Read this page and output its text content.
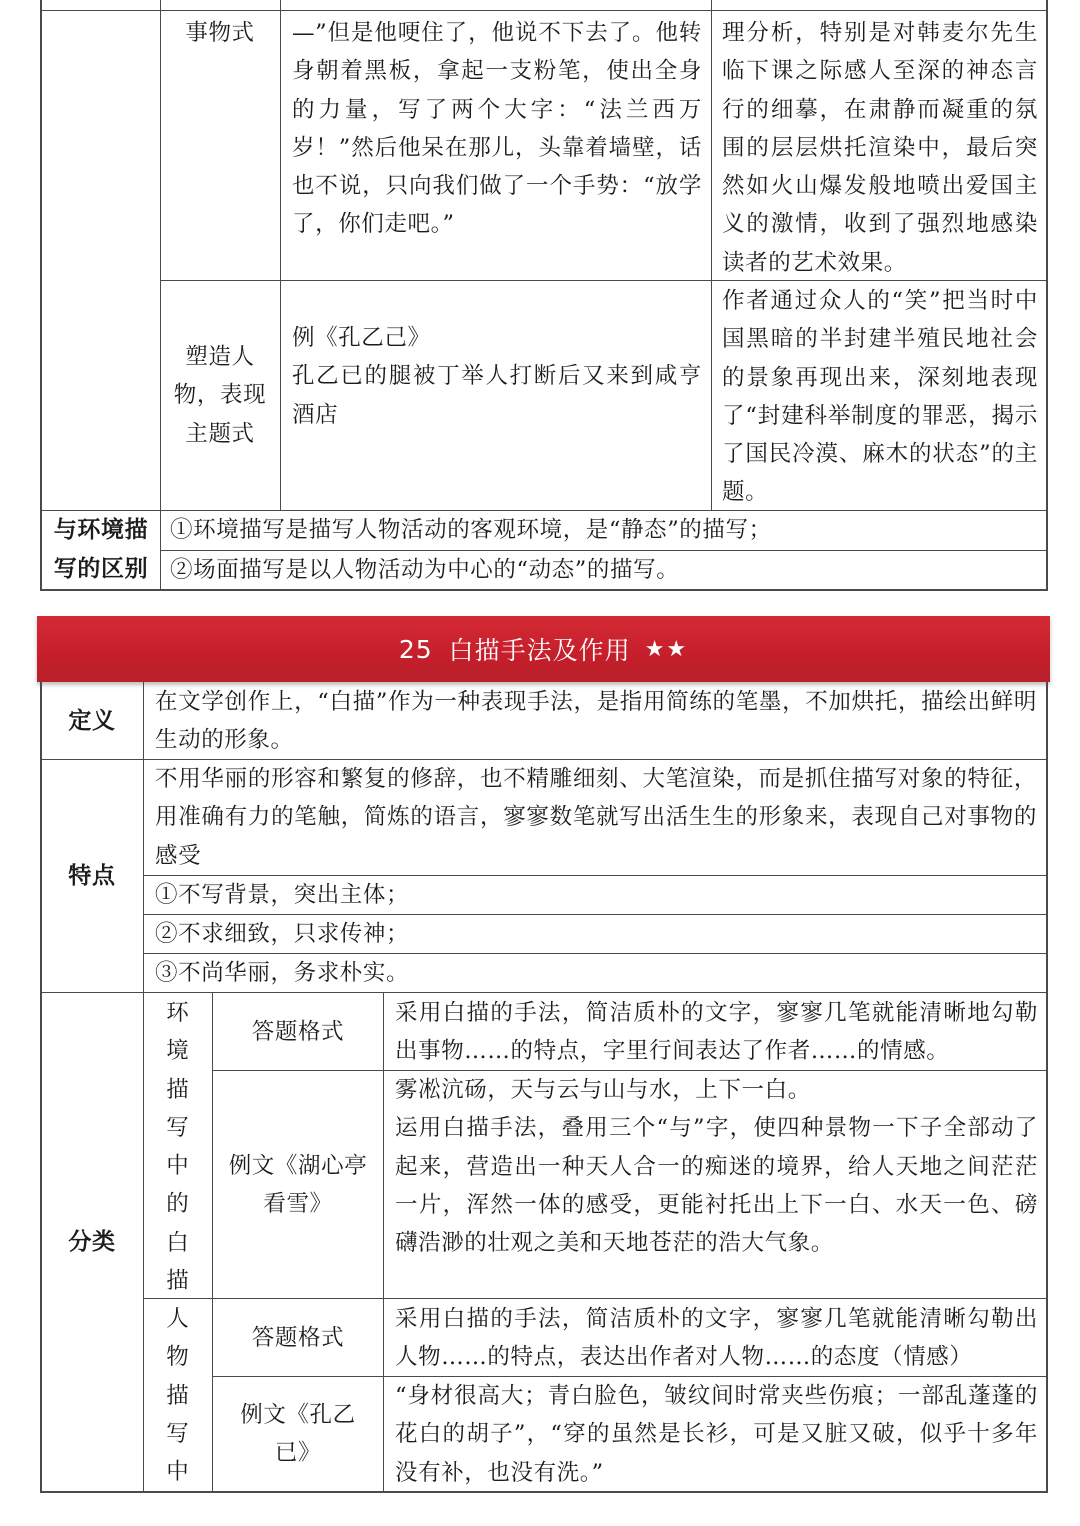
事物式	—”但是他哽住了，他说不下去了。他转身朝着黑板，拿起一支粉笔，使出全身的力量，写了两个大字：“法兰西万岁！”然后他呆在那儿，头靠着墙壁，话也不说，只向我们做了一个手势：“放学了，你们走吧。”
理分析，特别是对韩麦尔先生临下课之际感人至深的神态言行的细摹，在肃静而凝重的氛围的层层烘托渲染中，最后突然如火山爆发般地喷出爱国主义的激情，收到了强烈地感染读者的艺术效果。
塑造人物，表现主题式
例《孔乙己》
孔乙已的腿被丁举人打断后又来到咸亨酒店
作者通过众人的“笑”把当时中国黑暗的半封建半殖民地社会的景象再现出来，深刻地表现了“封建科举制度的罪恶，揭示了国民冷漠、麻木的状态”的主题。
与环境描写的区别
①环境描写是描写人物活动的客观环境，是“静态”的描写；
②场面描写是以人物活动为中心的“动态”的描写。
25 白描手法及作用 ★★
定义
在文学创作上，“白描”作为一种表现手法，是指用简练的笔墨，不加烘托，描绘出鲜明生动的形象。
特点
不用华丽的形容和繁复的修辞，也不精雕细刻、大笔渲染，而是抓住描写对象的特征，用准确有力的笔触，简炼的语言，寥寥数笔就写出活生生的形象来，表现自己对事物的感受
①不写背景，突出主体；
②不求细致，只求传神；
③不尚华丽，务求朴实。
分类
环境描写中的白描
答题格式
采用白描的手法，简洁质朴的文字，寥寥几笔就能清晰地勾勒出事物……的特点，字里行间表达了作者……的情感。
例文《湖心亭看雪》
雾凇沆砀，天与云与山与水，上下一白。
运用白描手法，叠用三个“与”字，使四种景物一下子全部动了起来，营造出一种天人合一的痴迷的境界，给人天地之间茫茫一片，浑然一体的感受，更能衬托出上下一白、水天一色、磅礴浩渺的壮观之美和天地苍茫的浩大气象。
人物描写中
答题格式
采用白描的手法，简洁质朴的文字，寥寥几笔就能清晰勾勒出人物……的特点，表达出作者对人物……的态度（情感）
例文《孔乙已》
“身材很高大；青白脸色，皱纹间时常夹些伤痕；一部乱蓬蓬的花白的胡子”，“穿的虽然是长衫，可是又脏又破，似乎十多年没有补，也没有洗。”
